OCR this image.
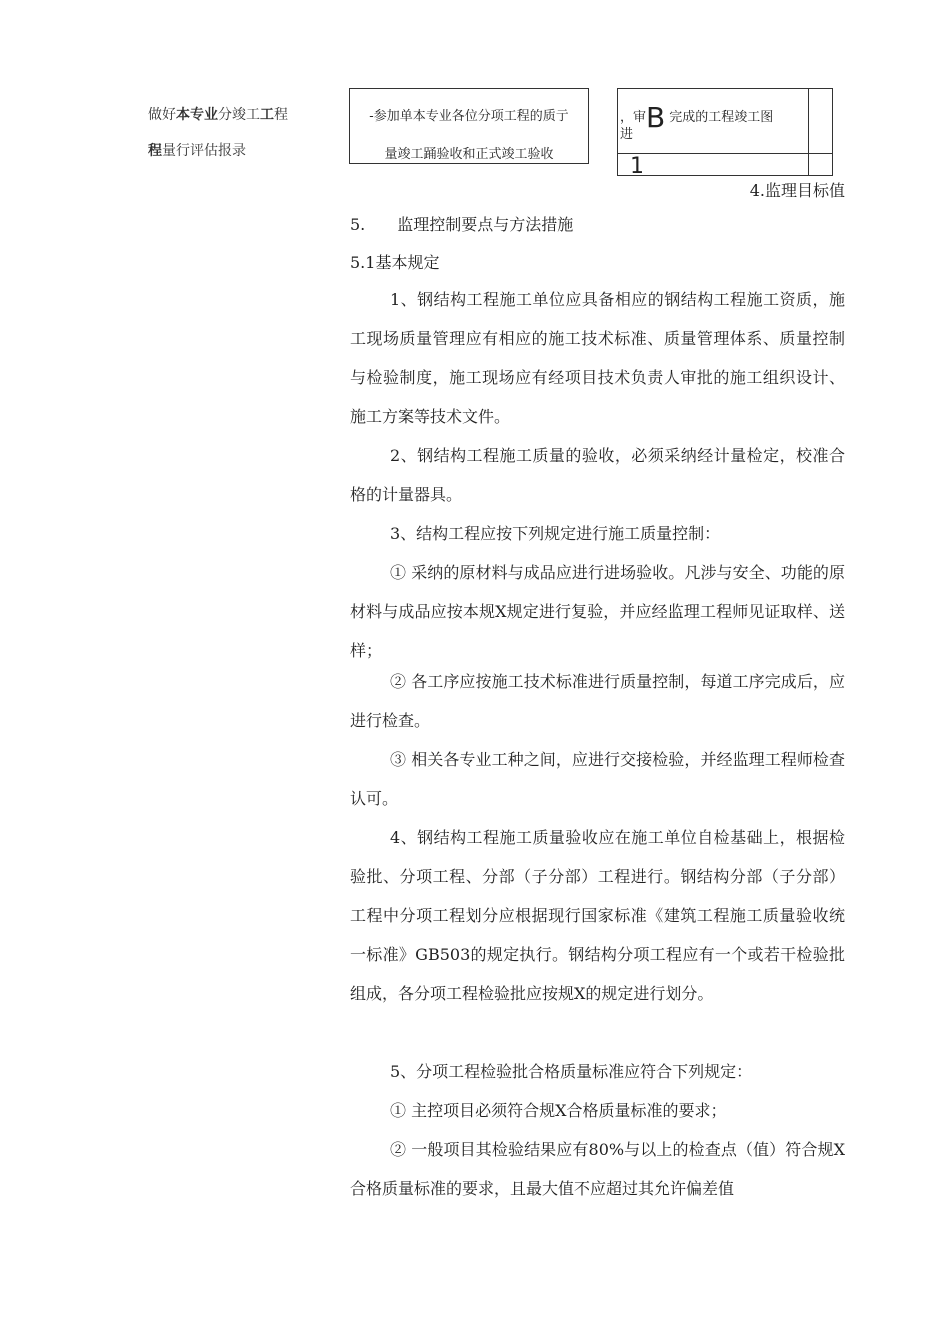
做好本专业分竣工工程
程量行评估报录
-参加单本专业各位分项工程的质亍
量竣工踊验收和正式竣工验收
，审B 完成的工程竣工图
进
1
4.监理目标值
5.　　监理控制要点与方法措施
5.1基本规定

1、钢结构工程施工单位应具备相应的钢结构工程施工资质，施工现场质量管理应有相应的施工技术标准、质量管理体系、质量控制与检验制度，施工现场应有经项目技术负责人审批的施工组织设计、施工方案等技术文件。

2、钢结构工程施工质量的验收，必须采纳经计量检定，校准合格的计量器具。

3、结构工程应按下列规定进行施工质量控制：

① 采纳的原材料与成品应进行进场验收。凡涉与安全、功能的原材料与成品应按本规X规定进行复验，并应经监理工程师见证取样、送样；

② 各工序应按施工技术标准进行质量控制，每道工序完成后，应进行检查。

③ 相关各专业工种之间，应进行交接检验，并经监理工程师检查认可。

4、钢结构工程施工质量验收应在施工单位自检基础上，根据检验批、分项工程、分部（子分部）工程进行。钢结构分部（子分部）工程中分项工程划分应根据现行国家标准《建筑工程施工质量验收统一标准》GB503的规定执行。钢结构分项工程应有一个或若干检验批组成，各分项工程检验批应按规X的规定进行划分。

5、分项工程检验批合格质量标准应符合下列规定：

① 主控项目必须符合规X合格质量标准的要求；

② 一般项目其检验结果应有80%与以上的检查点（值）符合规X合格质量标准的要求，且最大值不应超过其允许偏差值
